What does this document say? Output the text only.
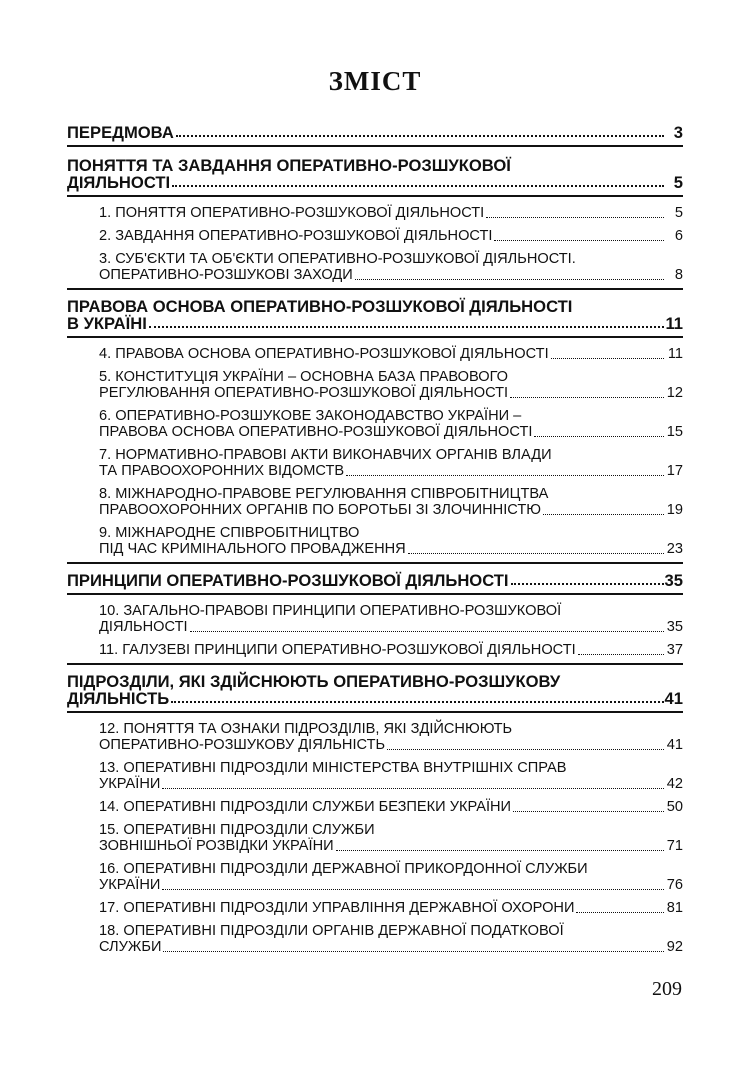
ЗМІСТ
ПЕРЕДМОВА	3
ПОНЯТТЯ ТА ЗАВДАННЯ ОПЕРАТИВНО-РОЗШУКОВОЇ
ДІЯЛЬНОСТІ	5
1. ПОНЯТТЯ ОПЕРАТИВНО-РОЗШУКОВОЇ ДІЯЛЬНОСТІ	5
2. ЗАВДАННЯ ОПЕРАТИВНО-РОЗШУКОВОЇ ДІЯЛЬНОСТІ	6
3. СУБ'ЄКТИ ТА ОБ'ЄКТИ ОПЕРАТИВНО-РОЗШУКОВОЇ ДІЯЛЬНОСТІ.
ОПЕРАТИВНО-РОЗШУКОВІ ЗАХОДИ	8
ПРАВОВА ОСНОВА ОПЕРАТИВНО-РОЗШУКОВОЇ ДІЯЛЬНОСТІ
В УКРАЇНІ	11
4. ПРАВОВА ОСНОВА ОПЕРАТИВНО-РОЗШУКОВОЇ ДІЯЛЬНОСТІ	11
5. КОНСТИТУЦІЯ УКРАЇНИ – ОСНОВНА БАЗА ПРАВОВОГО
РЕГУЛЮВАННЯ ОПЕРАТИВНО-РОЗШУКОВОЇ ДІЯЛЬНОСТІ	12
6. ОПЕРАТИВНО-РОЗШУКОВЕ ЗАКОНОДАВСТВО УКРАЇНИ –
ПРАВОВА ОСНОВА ОПЕРАТИВНО-РОЗШУКОВОЇ ДІЯЛЬНОСТІ	15
7. НОРМАТИВНО-ПРАВОВІ АКТИ ВИКОНАВЧИХ ОРГАНІВ ВЛАДИ
ТА ПРАВООХОРОННИХ ВІДОМСТВ	17
8. МІЖНАРОДНО-ПРАВОВЕ РЕГУЛЮВАННЯ СПІВРОБІТНИЦТВА
ПРАВООХОРОННИХ ОРГАНІВ ПО БОРОТЬБІ ЗІ ЗЛОЧИННІСТЮ	19
9. МІЖНАРОДНЕ СПІВРОБІТНИЦТВО
ПІД ЧАС КРИМІНАЛЬНОГО ПРОВАДЖЕННЯ	23
ПРИНЦИПИ ОПЕРАТИВНО-РОЗШУКОВОЇ ДІЯЛЬНОСТІ	35
10. ЗАГАЛЬНО-ПРАВОВІ ПРИНЦИПИ ОПЕРАТИВНО-РОЗШУКОВОЇ
ДІЯЛЬНОСТІ	35
11. ГАЛУЗЕВІ ПРИНЦИПИ ОПЕРАТИВНО-РОЗШУКОВОЇ ДІЯЛЬНОСТІ	37
ПІДРОЗДІЛИ, ЯКІ ЗДІЙСНЮЮТЬ ОПЕРАТИВНО-РОЗШУКОВУ
ДІЯЛЬНІСТЬ	41
12. ПОНЯТТЯ ТА ОЗНАКИ ПІДРОЗДІЛІВ, ЯКІ ЗДІЙСНЮЮТЬ
ОПЕРАТИВНО-РОЗШУКОВУ ДІЯЛЬНІСТЬ	41
13. ОПЕРАТИВНІ ПІДРОЗДІЛИ МІНІСТЕРСТВА ВНУТРІШНІХ СПРАВ
УКРАЇНИ	42
14. ОПЕРАТИВНІ ПІДРОЗДІЛИ СЛУЖБИ БЕЗПЕКИ УКРАЇНИ	50
15. ОПЕРАТИВНІ ПІДРОЗДІЛИ СЛУЖБИ
ЗОВНІШНЬОЇ РОЗВІДКИ УКРАЇНИ	71
16. ОПЕРАТИВНІ ПІДРОЗДІЛИ ДЕРЖАВНОЇ ПРИКОРДОННОЇ СЛУЖБИ
УКРАЇНИ	76
17. ОПЕРАТИВНІ ПІДРОЗДІЛИ УПРАВЛІННЯ ДЕРЖАВНОЇ ОХОРОНИ	81
18. ОПЕРАТИВНІ ПІДРОЗДІЛИ ОРГАНІВ ДЕРЖАВНОЇ ПОДАТКОВОЇ
СЛУЖБИ	92
209
